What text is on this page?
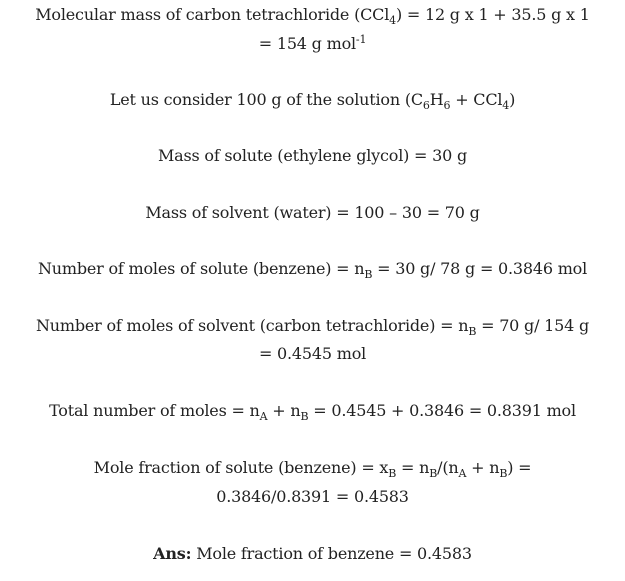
Molecular mass of carbon tetrachloride (CCl$_4$) = 12 g x 1 + 35.5 g x 1
= 154 g mol$^{-1}$
Let us consider 100 g of the solution $(C_6H_6 + CCl_4)$
Mass of solute (ethylene glycol) = 30 g
Mass of solvent (water) = 100 – 30 = 70 g
Number of moles of solute (benzene) = $n_B = 30$ g/ 78 g = 0.3846 mol
Number of moles of solvent (carbon tetrachloride) = $n_B = 70$ g/ 154 g
= 0.4545 mol
Total number of moles = $n_A + n_B = 0.4545 + 0.3846 = 0.8391$ mol
Mole fraction of solute (benzene) = $x_B = n_B/(n_A + n_B)$ =
0.3846/0.8391 = 0.4583
Ans: Mole fraction of benzene = 0.4583
